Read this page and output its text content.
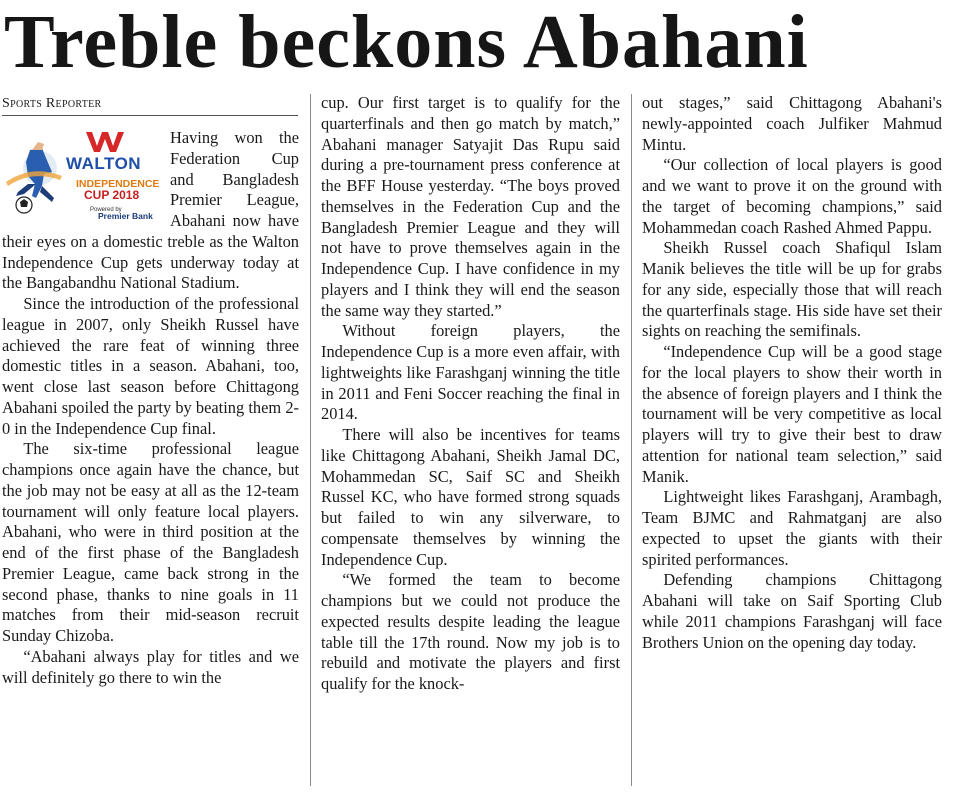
Treble beckons Abahani
Sports Reporter
WALTON
INDEPENDENCE
CUP 2018
Powered by
Premier Bank

Having won the Federation Cup and Bangladesh Premier League, Abahani now have their eyes on a domestic treble as the Walton Independence Cup gets underway today at the Bangabandhu National Stadium.

Since the introduction of the professional league in 2007, only Sheikh Russel have achieved the rare feat of winning three domestic titles in a season. Abahani, too, went close last season before Chittagong Abahani spoiled the party by beating them 2-0 in the Independence Cup final.

The six-time professional league champions once again have the chance, but the job may not be easy at all as the 12-team tournament will only feature local players. Abahani, who were in third position at the end of the first phase of the Bangladesh Premier League, came back strong in the second phase, thanks to nine goals in 11 matches from their mid-season recruit Sunday Chizoba.

“Abahani always play for titles and we will definitely go there to win the

cup. Our first target is to qualify for the quarterfinals and then go match by match,” Abahani manager Satyajit Das Rupu said during a pre-tournament press conference at the BFF House yesterday. “The boys proved themselves in the Federation Cup and the Bangladesh Premier League and they will not have to prove themselves again in the Independence Cup. I have confidence in my players and I think they will end the season the same way they started.”

Without foreign players, the Independence Cup is a more even affair, with lightweights like Farashganj winning the title in 2011 and Feni Soccer reaching the final in 2014.

There will also be incentives for teams like Chittagong Abahani, Sheikh Jamal DC, Mohammedan SC, Saif SC and Sheikh Russel KC, who have formed strong squads but failed to win any silverware, to compensate themselves by winning the Independence Cup.

“We formed the team to become champions but we could not produce the expected results despite leading the league table till the 17th round. Now my job is to rebuild and motivate the players and first qualify for the knock-

out stages,” said Chittagong Abahani's newly-appointed coach Julfiker Mahmud Mintu.

“Our collection of local players is good and we want to prove it on the ground with the target of becoming champions,” said Mohammedan coach Rashed Ahmed Pappu.

Sheikh Russel coach Shafiqul Islam Manik believes the title will be up for grabs for any side, especially those that will reach the quarterfinals stage. His side have set their sights on reaching the semifinals.

“Independence Cup will be a good stage for the local players to show their worth in the absence of foreign players and I think the tournament will be very competitive as local players will try to give their best to draw attention for national team selection,” said Manik.

Lightweight likes Farashganj, Arambagh, Team BJMC and Rahmatganj are also expected to upset the giants with their spirited performances.

Defending champions Chittagong Abahani will take on Saif Sporting Club while 2011 champions Farashganj will face Brothers Union on the opening day today.
